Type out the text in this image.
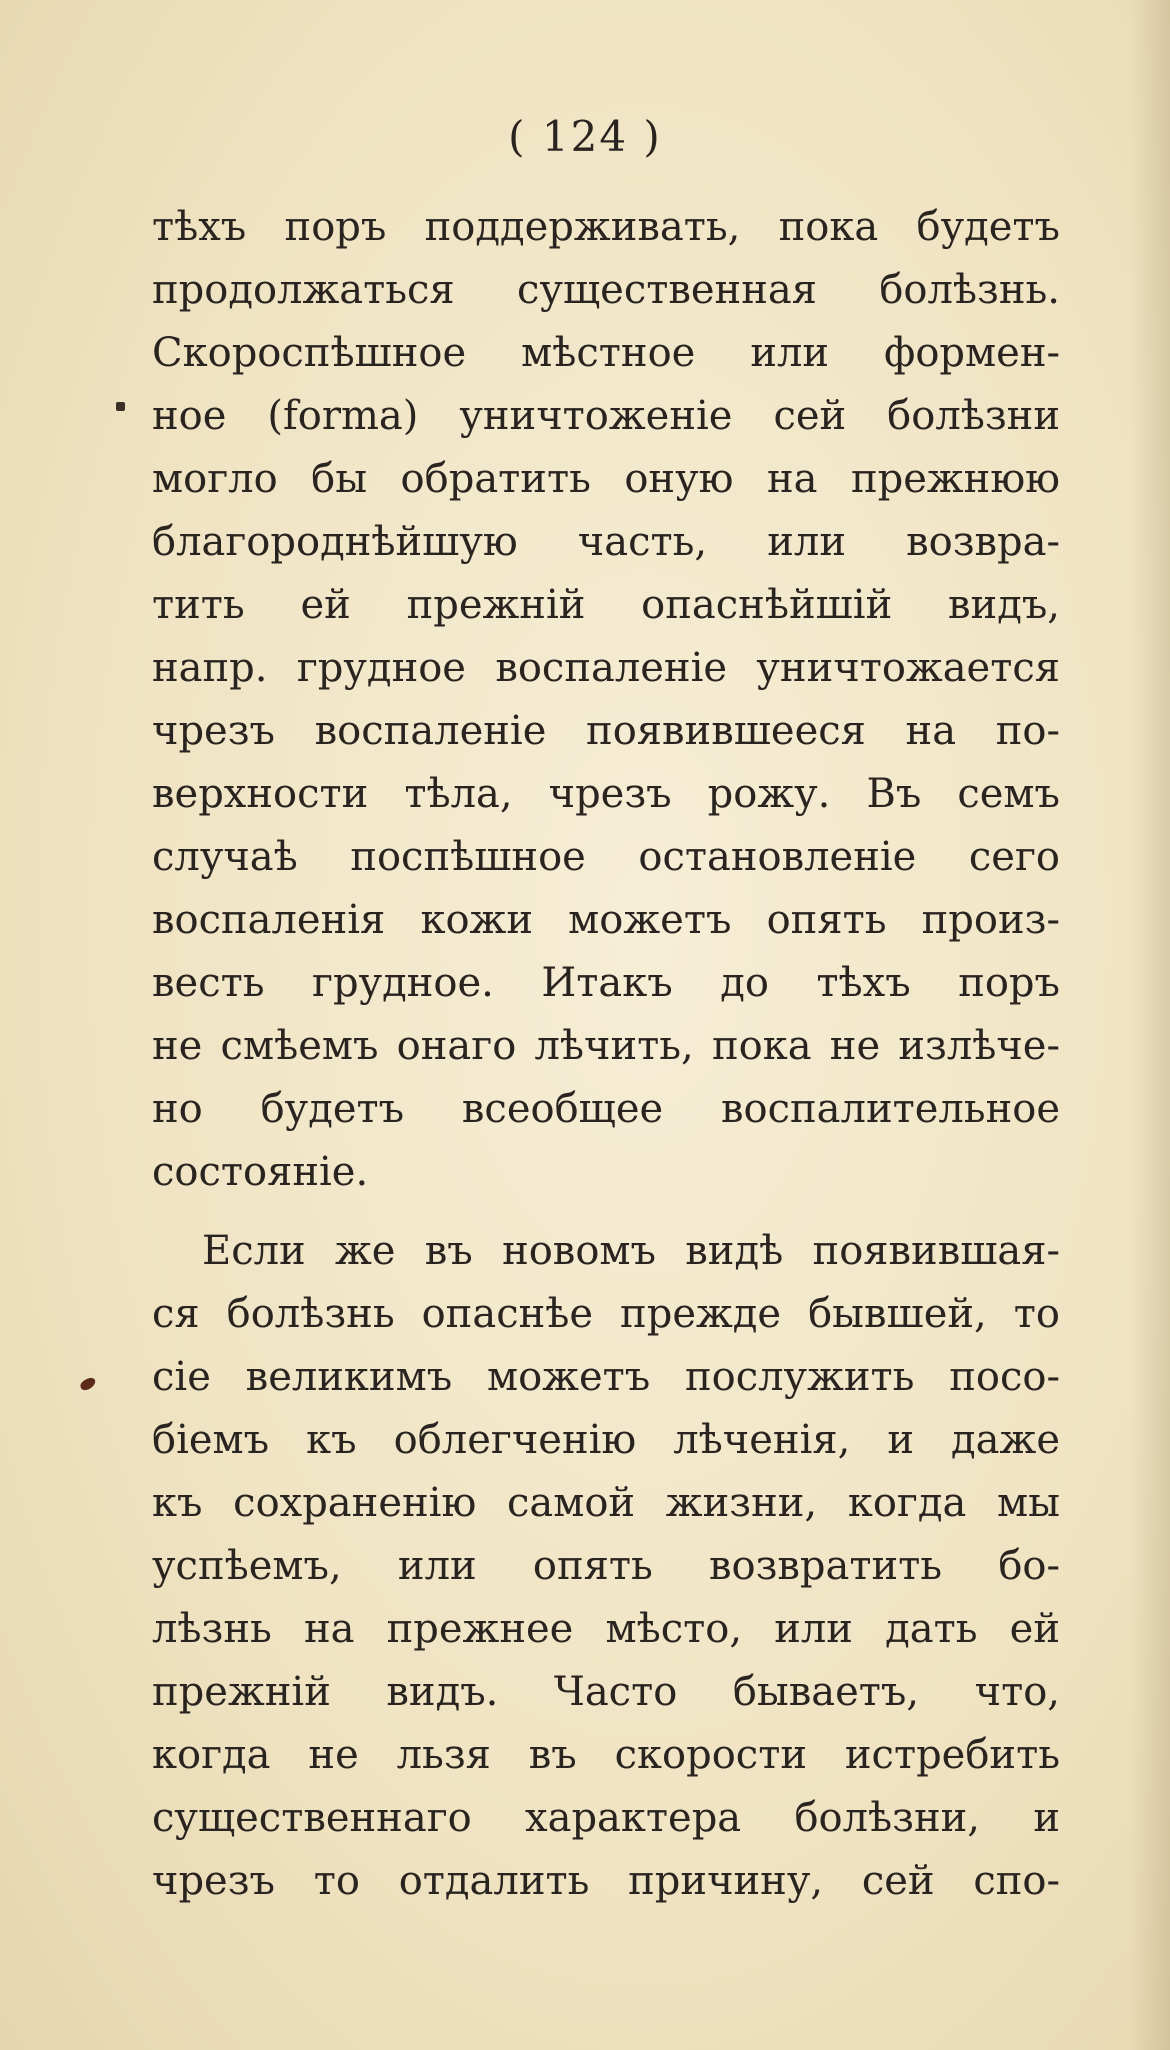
( 124 )
тѣхъ поръ поддерживать, пока будетъ
продолжаться существенная болѣзнь.
Скороспѣшное мѣстное или формен-
ное (forma) уничтоженіе сей болѣзни
могло бы обратить оную на прежнюю
благороднѣйшую часть, или возвра-
тить ей прежній опаснѣйшій видъ,
напр. грудное воспаленіе уничтожается
чрезъ воспаленіе появившееся на по-
верхности тѣла, чрезъ рожу. Въ семъ
случаѣ поспѣшное остановленіе сего
воспаленія кожи можетъ опять произ-
весть грудное. Итакъ до тѣхъ поръ
не смѣемъ онаго лѣчить, пока не излѣче-
но будетъ всеобщее воспалительное
состояніе.
Если же въ новомъ видѣ появившая-
ся болѣзнь опаснѣе прежде бывшей, то
сіе великимъ можетъ послужить посо-
біемъ къ облегченію лѣченія, и даже
къ сохраненію самой жизни, когда мы
успѣемъ, или опять возвратить бо-
лѣзнь на прежнее мѣсто, или дать ей
прежній видъ. Часто бываетъ, что,
когда не льзя въ скорости истребить
существеннаго характера болѣзни, и
чрезъ то отдалить причину, сей спо-
